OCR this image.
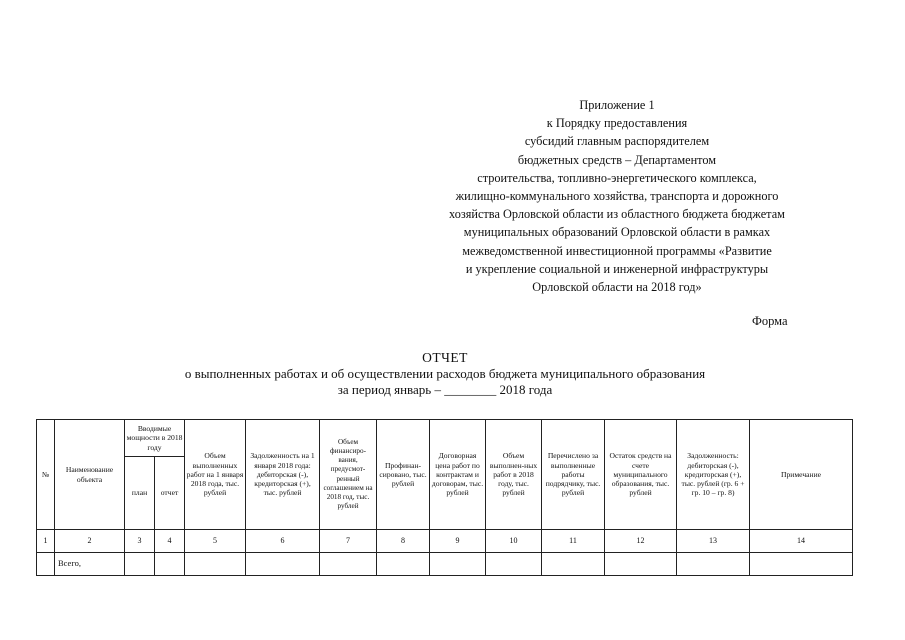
Приложение 1
к Порядку предоставления
субсидий главным распорядителем
бюджетных средств – Департаментом
строительства, топливно-энергетического комплекса,
жилищно-коммунального хозяйства, транспорта и дорожного
хозяйства Орловской области из областного бюджета бюджетам
муниципальных образований Орловской области в рамках
межведомственной инвестиционной программы «Развитие
и укрепление социальной и инженерной инфраструктуры
Орловской области на 2018 год»
Форма
ОТЧЕТ
о выполненных работах и об осуществлении расходов бюджета муниципального образования
за период январь – ________ 2018 года
№	Наименование объекта	Вводимые мощности в 2018 году		Объем выполненных работ на 1 января 2018 года, тыс. рублей	Задолженность на 1 января 2018 года: дебиторская (-), кредиторская (+), тыс. рублей	Объем финансиро-вания, предусмот-ренный соглашением на 2018 год, тыс. рублей	Профинан-сировано, тыс. рублей	Договорная цена работ по контрактам и договорам, тыс. рублей	Объем выполнен-ных работ в 2018 году, тыс. рублей	Перечислено за выполненные работы подрядчику, тыс. рублей	Остаток средств на счете муниципального образования, тыс. рублей	Задолженность: дебиторская (-), кредиторская (+), тыс. рублей (гр. 6 + гр. 10 – гр. 8)	Примечание
		план	отчет										
1	2	3	4	5	6	7	8	9	10	11	12	13	14
	Всего,												
